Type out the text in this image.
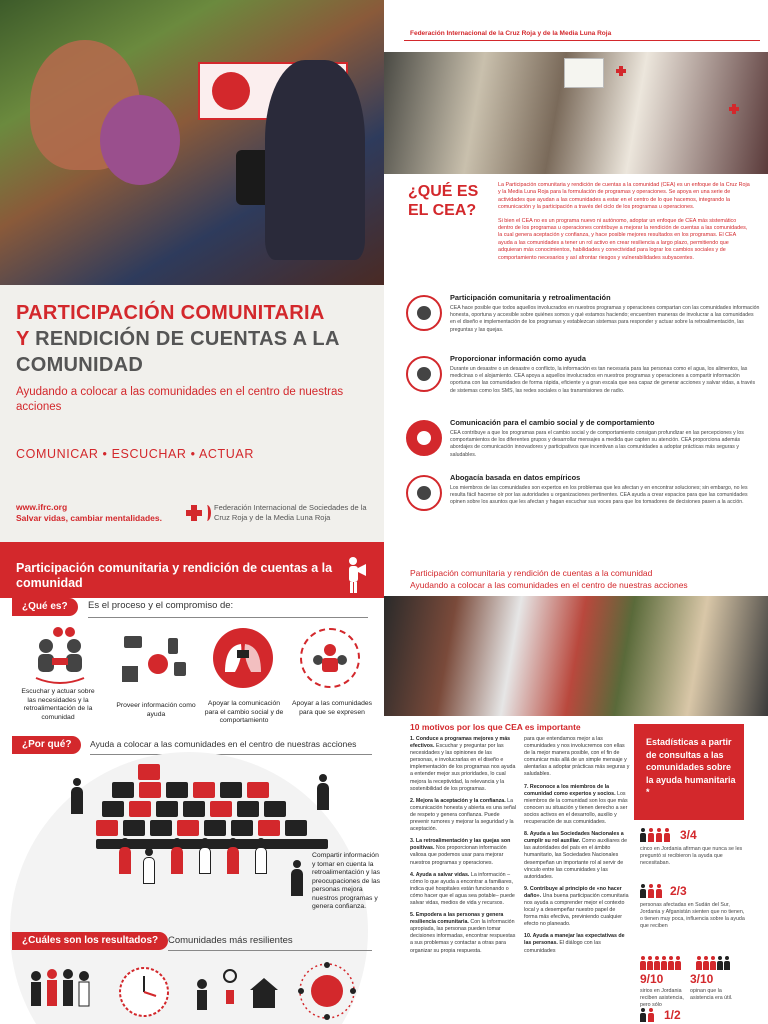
PARTICIPACIÓN COMUNITARIA
Y RENDICIÓN DE CUENTAS A LA COMUNIDAD
Ayudando a colocar a las comunidades en el centro de nuestras acciones
COMUNICAR • ESCUCHAR • ACTUAR
www.ifrc.org
Salvar vidas, cambiar mentalidades.
Federación Internacional de Sociedades de la Cruz Roja y de la Media Luna Roja
Federación Internacional de la Cruz Roja y de la Media Luna Roja
¿QUÉ ES EL CEA?

La Participación comunitaria y rendición de cuentas a la comunidad (CEA) es un enfoque de la Cruz Roja y la Media Luna Roja para la formulación de programas y operaciones. Se apoya en una serie de actividades que ayudan a las comunidades a estar en el centro de lo que hacemos, integrando la comunicación y la participación a través del ciclo de los programas u operaciones.

Si bien el CEA no es un programa nuevo ni autónomo, adoptar un enfoque de CEA más sistemático dentro de los programas u operaciones contribuye a mejorar la rendición de cuentas a las comunidades, la cual genera aceptación y confianza, y hace posible mejores resultados en los programas. El CEA ayuda a las comunidades a tener un rol activo en crear resiliencia a largo plazo, permitiendo que adquieran más conocimientos, habilidades y conectividad para lograr los cambios sociales y de comportamiento necesarios y así afrontar riesgos y vulnerabilidades subyacentes.

Participación comunitaria y retroalimentación

CEA hace posible que todos aquellos involucrados en nuestros programas y operaciones compartan con las comunidades información honesta, oportuna y accesible sobre quiénes somos y qué estamos haciendo; encuentren maneras de involucrar a las comunidades en el diseño e implementación de los programas y establezcan sistemas para responder y actuar sobre la retroalimentación, las preguntas y las quejas.

Proporcionar información como ayuda

Durante un desastre o un desastre o conflicto, la información es tan necesaria para las personas como el agua, los alimentos, las medicinas o el alojamiento. CEA apoya a aquellos involucrados en nuestros programas y operaciones a compartir información oportuna con las comunidades de forma rápida, eficiente y a gran escala que sea capaz de generar acciones y salvar vidas, a través de sistemas como los SMS, las redes sociales o las transmisiones de radio.

Comunicación para el cambio social y de comportamiento

CEA contribuye a que los programas para el cambio social y de comportamiento consigan profundizar en las percepciones y los comportamientos de los diferentes grupos y desarrollar mensajes a medida que capten su atención. CEA proporciona además abordajes de comunicación innovadores y participativos que incentivan a las comunidades a adoptar prácticas más seguras y saludables.

Abogacía basada en datos empíricos

Los miembros de las comunidades son expertos en los problemas que les afectan y en encontrar soluciones; sin embargo, no les resulta fácil hacerse oír por las autoridades u organizaciones pertinentes. CEA ayuda a crear espacios para que las comunidades opinen sobre los asuntos que les afectan y hagan escuchar sus voces para que los tomadores de decisiones pasen a la acción.

Participación comunitaria y rendición de cuentas a la comunidad
¿Qué es?	Es el proceso y el compromiso de:
Escuchar y actuar sobre las necesidades y la retroalimentación de la comunidad
Proveer información como ayuda
Apoyar la comunicación para el cambio social y de comportamiento
Apoyar a las comunidades para que se expresen
¿Por qué?	Ayuda a colocar a las comunidades en el centro de nuestras acciones
Compartir información y tomar en cuenta la retroalimentación y las preocupaciones de las personas mejora nuestros programas y genera confianza.
¿Cuáles son los resultados?	Comunidades más resilientes
Participación comunitaria y rendición de cuentas a la comunidad
Ayudando a colocar a las comunidades en el centro de nuestras acciones
10 motivos por los que CEA es importante

1. Conduce a programas mejores y más efectivos. Escuchar y preguntar por las necesidades y las opiniones de las personas, e involucrarlas en el diseño e implementación de los programas nos ayuda a entender mejor sus prioridades, lo cual mejora la receptividad, la relevancia y la sostenibilidad de los programas.

2. Mejora la aceptación y la confianza. La comunicación honesta y abierta es una señal de respeto y genera confianza. Puede prevenir rumores y mejorar la seguridad y la aceptación.

3. La retroalimentación y las quejas son positivas. Nos proporcionan información valiosa que podemos usar para mejorar nuestros programas y operaciones.

4. Ayuda a salvar vidas. La información –cómo lo que ayuda a encontrar a familiares, indica qué hospitales están funcionando o cómo hacer que el agua sea potable– puede salvar vidas, medios de vida y recursos.

5. Empodera a las personas y genera resiliencia comunitaria. Con la información apropiada, las personas pueden tomar decisiones informadas, encontrar respuestas a sus problemas y contactar a otras para organizar su propia respuesta.

para que entendamos mejor a las comunidades y nos involucremos con ellas de la mejor manera posible, con el fin de comunicar más allá de un simple mensaje y alentarlas a adoptar prácticas más seguras y saludables.

7. Reconoce a los miembros de la comunidad como expertos y socios. Los miembros de la comunidad son los que más conocen su situación y tienen derecho a ser socios activos en el desarrollo, auxilio y recuperación de sus comunidades.

8. Ayuda a las Sociedades Nacionales a cumplir su rol auxiliar. Como auxiliares de las autoridades del país en el ámbito humanitario, las Sociedades Nacionales desempeñan un importante rol al servir de vínculo entre las comunidades y las autoridades.

9. Contribuye al principio de «no hacer daño». Una buena participación comunitaria nos ayuda a comprender mejor el contexto local y a desempeñar nuestro papel de forma más efectiva, previniendo cualquier efecto no planeado.

10. Ayuda a manejar las expectativas de las personas. El diálogo con las comunidades

Estadísticas a partir de consultas a las comunidades sobre la ayuda humanitaria *
3/4
cinco en Jordania afirman que nunca se les preguntó si recibieron la ayuda que necesitaban.
2/3
personas afectadas en Sudán del Sur, Jordania y Afganistán sienten que no tienen, o tienen muy poca, influencia sobre la ayuda que reciben
9/10 3/10
sirios en Jordania reciben asistencia, pero sólo
opinan que la asistencia era útil.
1/2
